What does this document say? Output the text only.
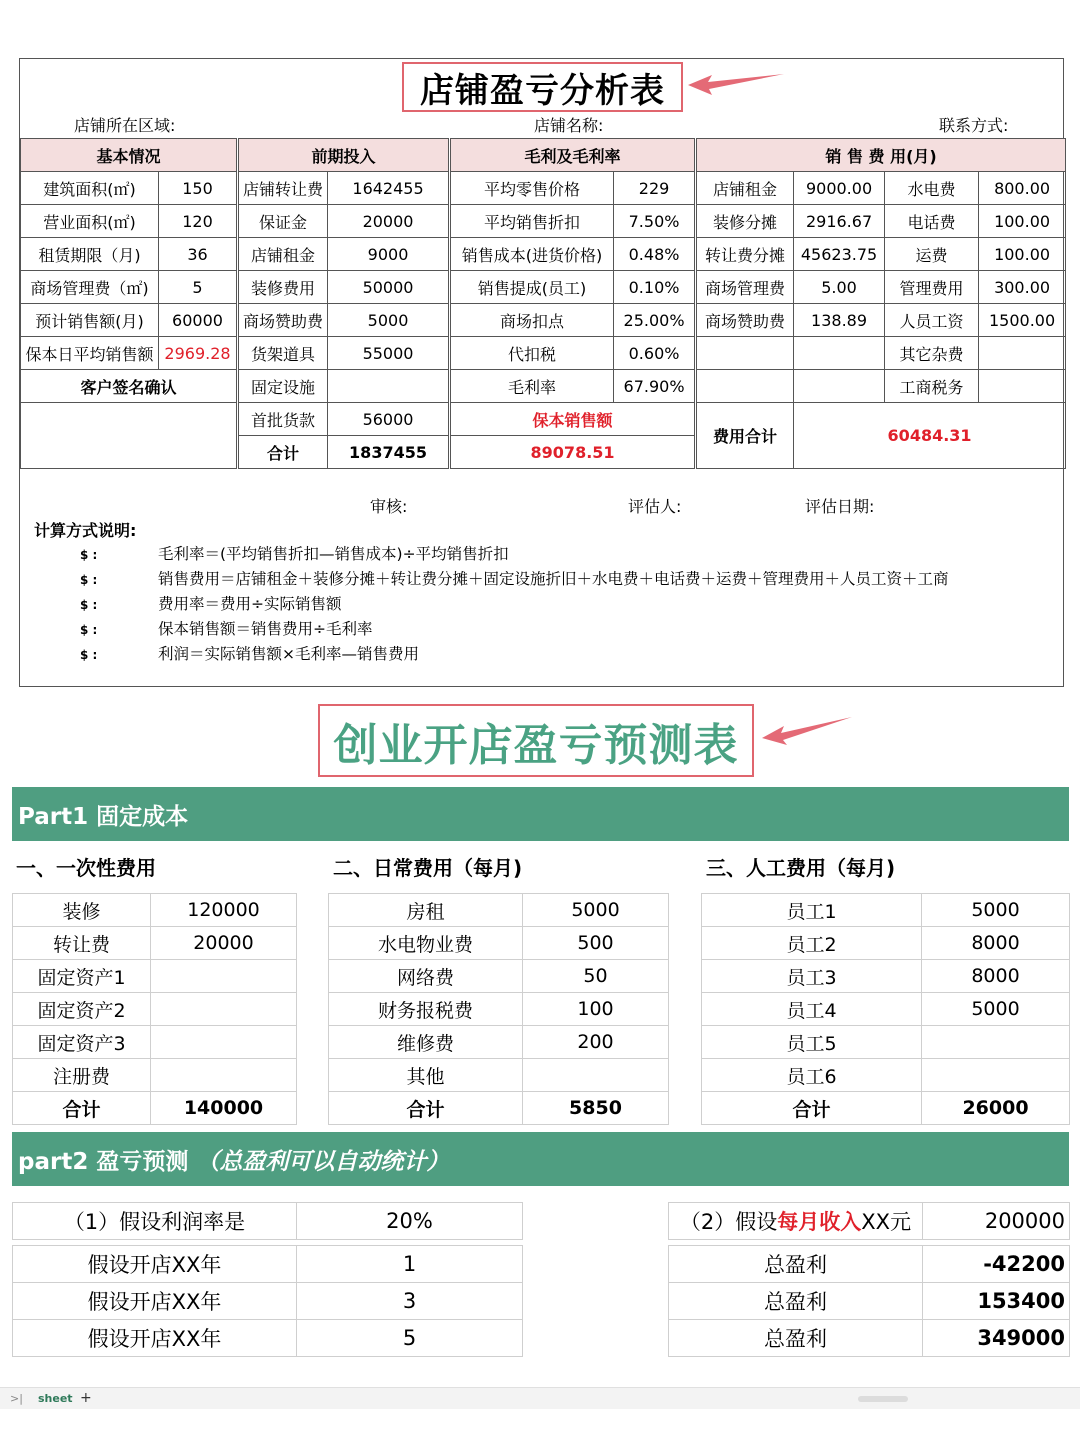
店铺盈亏分析表
店铺所在区域:	店铺名称:	联系方式:
基本情况		前期投入		毛利及毛利率		销 售 费 用(月)			
建筑面积(㎡)	150	店铺转让费	1642455	平均零售价格	229	店铺租金	9000.00	水电费	800.00
营业面积(㎡)	120	保证金	20000	平均销售折扣	7.50%	装修分摊	2916.67	电话费	100.00
租赁期限（月)	36	店铺租金	9000	销售成本(进货价格)	0.48%	转让费分摊	45623.75	运费	100.00
商场管理费（㎡)	5	装修费用	50000	销售提成(员工)	0.10%	商场管理费	5.00	管理费用	300.00
预计销售额(月)	60000	商场赞助费	5000	商场扣点	25.00%	商场赞助费	138.89	人员工资	1500.00
保本日平均销售额	2969.28	货架道具	55000	代扣税	0.60%			其它杂费	
客户签名确认		固定设施		毛利率	67.90%			工商税务	
		首批货款	56000	保本销售额		费用合计	60484.31		
		合计	1837455	89078.51					
审核:	评估人:	评估日期:
计算方式说明:
$ :	毛利率＝(平均销售折扣—销售成本)÷平均销售折扣
$ :	销售费用＝店铺租金＋装修分摊＋转让费分摊＋固定设施折旧＋水电费＋电话费＋运费＋管理费用＋人员工资＋工商
$ :	费用率＝费用÷实际销售额
$ :	保本销售额＝销售费用÷毛利率
$ :	利润＝实际销售额×毛利率—销售费用
创业开店盈亏预测表
Part1 固定成本
一、一次性费用	二、日常费用（每月)	三、人工费用（每月)
装修	120000
转让费	20000
固定资产1	
固定资产2	
固定资产3	
注册费	
合计	140000
房租	5000
水电物业费	500
网络费	50
财务报税费	100
维修费	200
其他	
合计	5850
员工1	5000
员工2	8000
员工3	8000
员工4	5000
员工5	
员工6	
合计	26000
part2 盈亏预测
（总盈利可以自动统计）
（1）假设利润率是	20%
假设开店XX年	1
假设开店XX年	3
假设开店XX年	5
（2）假设每月收入XX元	200000
总盈利	-42200
总盈利	153400
总盈利	349000
>| sheet +
